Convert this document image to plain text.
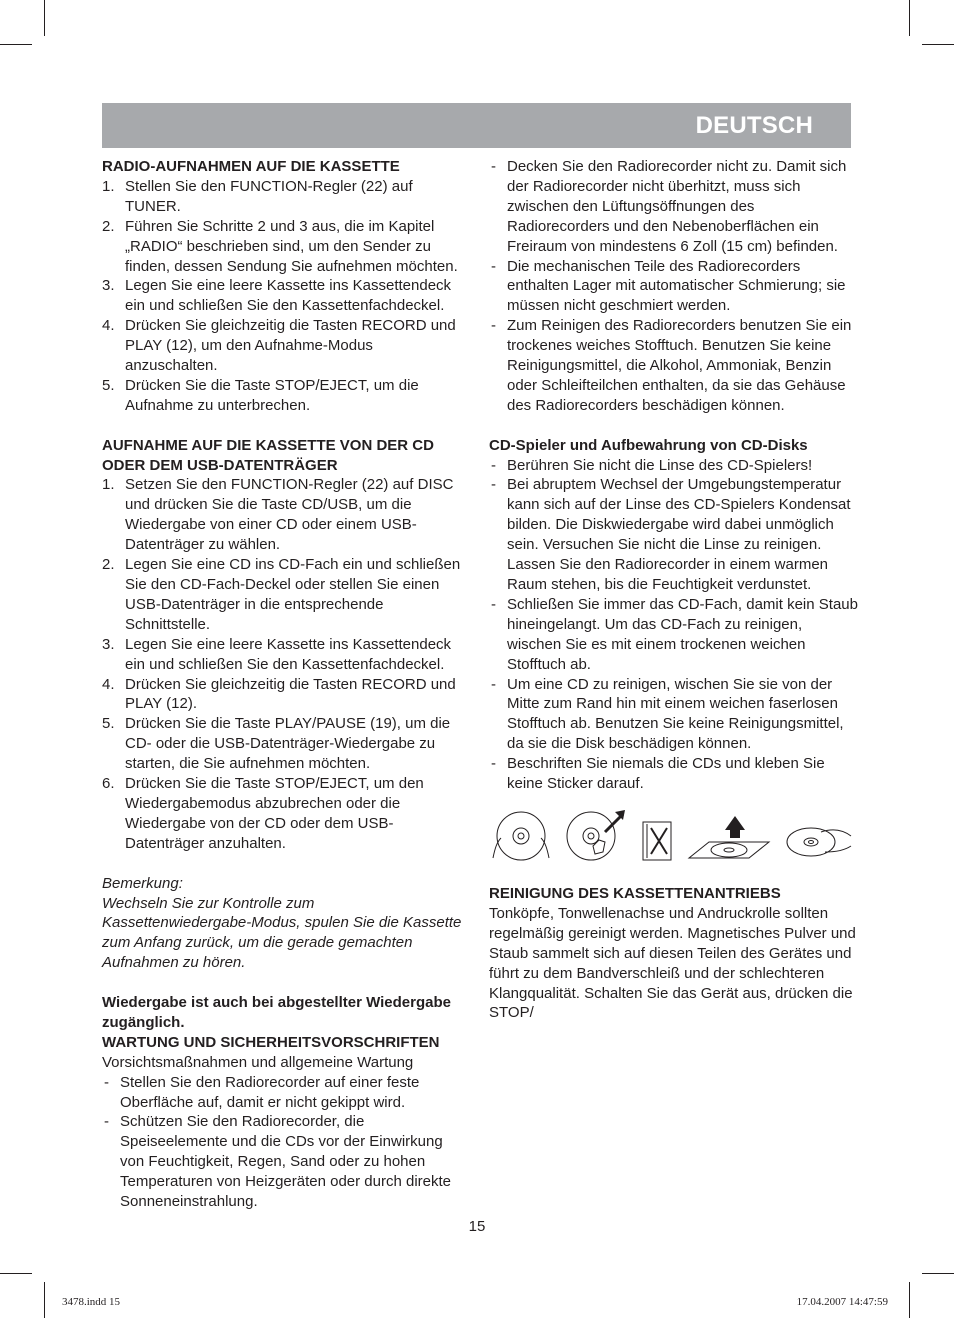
DEUTSCH

RADIO-AUFNAHMEN AUF DIE KASSETTE

1. Stellen Sie den FUNCTION-Regler (22) auf TUNER.
2. Führen Sie Schritte 2 und 3 aus, die im Kapitel „RADIO“ beschrieben sind, um den Sender zu finden, dessen Sendung Sie aufnehmen möchten.
3. Legen Sie eine leere Kassette ins Kassettendeck ein und schließen Sie den Kassettenfachdeckel.
4. Drücken Sie gleichzeitig die Tasten RECORD und PLAY (12), um den Aufnahme-Modus anzuschalten.
5. Drücken Sie die Taste STOP/EJECT, um die Aufnahme zu unterbrechen.

AUFNAHME AUF DIE KASSETTE VON DER CD ODER DEM USB-DATENTRÄGER

1. Setzen Sie den FUNCTION-Regler (22) auf DISC und drücken Sie die Taste CD/USB, um die Wiedergabe von einer CD oder einem USB-Datenträger zu wählen.
2. Legen Sie eine CD ins CD-Fach ein und schließen Sie den CD-Fach-Deckel oder stellen Sie einen USB-Datenträger in die entsprechende Schnittstelle.
3. Legen Sie eine leere Kassette ins Kassettendeck ein und schließen Sie den Kassettenfachdeckel.
4. Drücken Sie gleichzeitig die Tasten RECORD und PLAY (12).
5. Drücken Sie die Taste PLAY/PAUSE (19), um die CD- oder die USB-Datenträger-Wiedergabe zu starten, die Sie aufnehmen möchten.
6. Drücken Sie die Taste STOP/EJECT, um den Wiedergabemodus abzubrechen oder die Wiedergabe von der CD oder dem USB-Datenträger anzuhalten.

Bemerkung:

Wechseln Sie zur Kontrolle zum Kassettenwiedergabe-Modus, spulen Sie die Kassette zum Anfang zurück, um die gerade gemachten Aufnahmen zu hören.

Wiedergabe ist auch bei abgestellter Wiedergabe zugänglich.

WARTUNG UND SICHERHEITSVORSCHRIFTEN

Vorsichtsmaßnahmen und allgemeine Wartung

- Stellen Sie den Radiorecorder auf einer feste Oberfläche auf, damit er nicht gekippt wird.
- Schützen Sie den Radiorecorder, die Speiseelemente und die CDs vor der Einwirkung von Feuchtigkeit, Regen, Sand oder zu hohen Temperaturen von Heizgeräten oder durch direkte Sonneneinstrahlung.
- Decken Sie den Radiorecorder nicht zu. Damit sich der Radiorecorder nicht überhitzt, muss sich zwischen den Lüftungsöffnungen des Radiorecorders und den Nebenoberflächen ein Freiraum von mindestens 6 Zoll (15 cm) befinden.
- Die mechanischen Teile des Radiorecorders enthalten Lager mit automatischer Schmierung; sie müssen nicht geschmiert werden.
- Zum Reinigen des Radiorecorders benutzen Sie ein trockenes weiches Stofftuch. Benutzen Sie keine Reinigungsmittel, die Alkohol, Ammoniak, Benzin oder Schleifteilchen enthalten, da sie das Gehäuse des Radiorecorders beschädigen können.

CD-Spieler und Aufbewahrung von CD-Disks

- Berühren Sie nicht die Linse des CD-Spielers!
- Bei abruptem Wechsel der Umgebungstemperatur kann sich auf der Linse des CD-Spielers Kondensat bilden. Die Diskwiedergabe wird dabei unmöglich sein. Versuchen Sie nicht die Linse zu reinigen. Lassen Sie den Radiorecorder in einem warmen Raum stehen, bis die Feuchtigkeit verdunstet.
- Schließen Sie immer das CD-Fach, damit kein Staub hineingelangt. Um das CD-Fach zu reinigen, wischen Sie es mit einem trockenen weichen Stofftuch ab.
- Um eine CD zu reinigen, wischen Sie sie von der Mitte zum Rand hin mit einem weichen faserlosen Stofftuch ab. Benutzen Sie keine Reinigungsmittel, da sie die Disk beschädigen können.
- Beschriften Sie niemals die CDs und kleben Sie keine Sticker darauf.

REINIGUNG DES KASSETTENANTRIEBS

Tonköpfe, Tonwellenachse und Andruckrolle sollten regelmäßig gereinigt werden. Magnetisches Pulver und Staub sammelt sich auf diesen Teilen des Gerätes und führt zu dem Bandverschleiß und der schlechteren Klangqualität. Schalten Sie das Gerät aus, drücken die STOP/

15
3478.indd 15	17.04.2007 14:47:59
